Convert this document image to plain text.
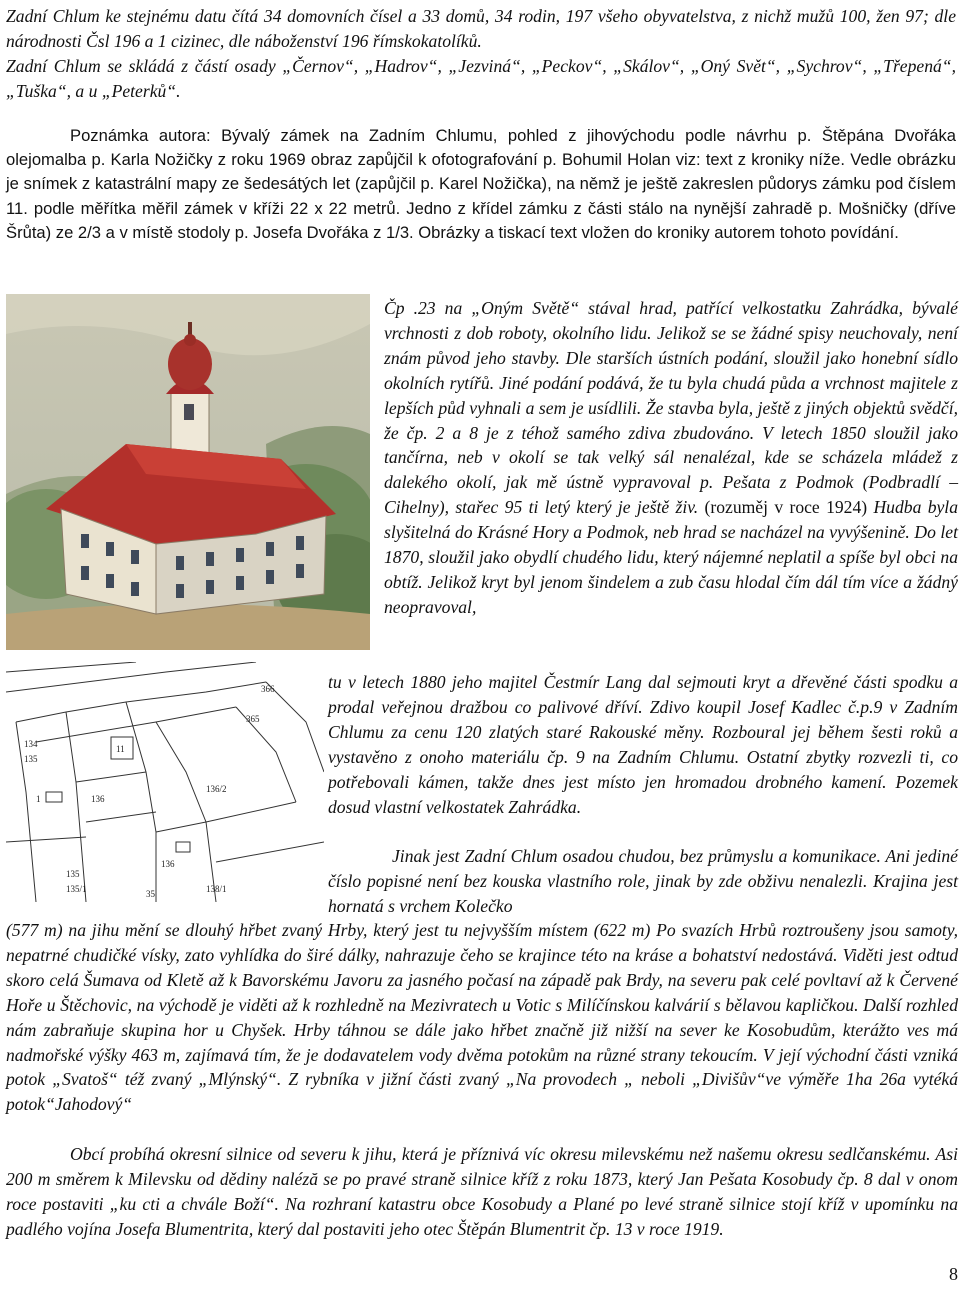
Zadní Chlum ke stejnému datu čítá 34 domovních čísel a 33 domů, 34 rodin, 197 všeho obyvatelstva, z nichž mužů 100, žen 97; dle národnosti Čsl 196 a 1 cizinec, dle náboženství 196 římskokatolíků.

Zadní Chlum se skládá z částí osady „Černov“, „Hadrov“, „Jezviná“, „Peckov“, „Skálov“, „Oný Svět“, „Sychrov“, „Třepená“, „Tuška“, a u „Peterků“.

Poznámka autora: Bývalý zámek na Zadním Chlumu, pohled z jihovýchodu podle návrhu p. Štěpána Dvořáka olejomalba p. Karla Nožičky z roku 1969 obraz zapůjčil k ofotografování p. Bohumil Holan viz: text z kroniky níže. Vedle obrázku je snímek z katastrální mapy ze šedesátých let (zapůjčil p. Karel Nožička), na němž je ještě zakreslen půdorys zámku pod číslem 11. podle měřítka měřil zámek v kříži 22 x 22 metrů. Jedno z křídel zámku z části stálo na nynější zahradě p. Mošničky (dříve Šrůta) ze 2/3 a v místě stodoly p. Josefa Dvořáka z 1/3. Obrázky a tiskací text vložen do kroniky autorem tohoto povídání.

Čp .23 na „Oným Světě“ stával hrad, patřící velkostatku Zahrádka, bývalé vrchnosti z dob roboty, okolního lidu. Jelikož se se žádné spisy neuchovaly, není znám původ jeho stavby. Dle starších ústních podání, sloužil jako honební sídlo okolních rytířů. Jiné podání podává, že tu byla chudá půda a vrchnost majitele z lepších půd vyhnali a sem je usídlili. Že stavba byla, ještě z jiných objektů svědčí, že čp. 2 a 8 je z téhož samého zdiva zbudováno. V letech 1850 sloužil jako tančírna, neb v okolí se tak velký sál nenalézal, kde se scházela mládež z dalekého okolí, jak mě ústně vypravoval p. Pešata z Podmok (Podbradlí – Cihelny), stařec 95 ti letý který je ještě živ. (rozuměj v roce 1924) Hudba byla slyšitelná do Krásné Hory a Podmok, neb hrad se nacházel na vyvýšenině. Do let 1870, sloužil jako obydlí chudého lidu, který nájemné neplatil a spíše byl obci na obtíž. Jelikož kryt byl jenom šindelem a zub času hlodal čím dál tím více a žádný neopravoval,

366
365
11
134
135
136
135
136
136/2
135/1	138/1
35
1

tu v letech 1880 jeho majitel Čestmír Lang dal sejmouti kryt a dřevěné části spodku a prodal veřejnou dražbou co palivové dříví. Zdivo koupil Josef Kadlec č.p.9 v Zadním Chlumu za cenu 120 zlatých staré Rakouské měny. Rozboural jej během šesti roků a vystavěno z onoho materiálu čp. 9 na Zadním Chlumu. Ostatní zbytky rozvezli ti, co potřebovali kámen, takže dnes jest místo jen hromadou drobného kamení. Pozemek dosud vlastní velkostatek Zahrádka.

Jinak jest Zadní Chlum osadou chudou, bez průmyslu a komunikace. Ani jediné číslo popisné není bez kouska vlastního role, jinak by zde obživu nenalezli. Krajina jest hornatá s vrchem Kolečko

(577 m) na jihu mění se dlouhý hřbet zvaný Hrby, který jest tu nejvyšším místem (622 m) Po svazích Hrbů roztroušeny jsou samoty, nepatrné chudičké vísky, zato vyhlídka do širé dálky, nahrazuje čeho se krajince této na kráse a bohatství nedostává. Viděti jest odtud skoro celá Šumava od Kletě až k Bavorskému Javoru za jasného počasí na západě pak Brdy, na severu pak celé povltaví až k Červené Hoře u Štěchovic, na východě je viděti až k rozhledně na Mezivratech u Votic s Milíčínskou kalvárií s bělavou kapličkou. Další rozhled nám zabraňuje skupina hor u Chyšek. Hrby táhnou se dále jako hřbet značně již nižší na sever ke Kosobudům, kterážto ves má nadmořské výšky 463 m, zajímavá tím, že je dodavatelem vody dvěma potokům na různé strany tekoucím. V její východní části vzniká potok „Svatoš“ též zvaný „Mlýnský“. Z rybníka v jižní části zvaný „Na provodech „ neboli „Divišův“ve výměře 1ha 26a vytéká potok“Jahodový“

Obcí probíhá okresní silnice od severu k jihu, která je příznivá víc okresu milevskému než našemu okresu sedlčanskému. Asi 200 m směrem k Milevsku od dědiny naléză se po pravé straně silnice kříž z roku 1873, který Jan Pešata Kosobudy čp. 8 dal v onom roce postaviti „ku cti a chvále Boží“. Na rozhraní katastru obce Kosobudy a Plané po levé straně silnice stojí kříž v upomínku na padlého vojína Josefa Blumentrita, který dal postaviti jeho otec Štěpán Blumentrit čp. 13 v roce 1919.

8
